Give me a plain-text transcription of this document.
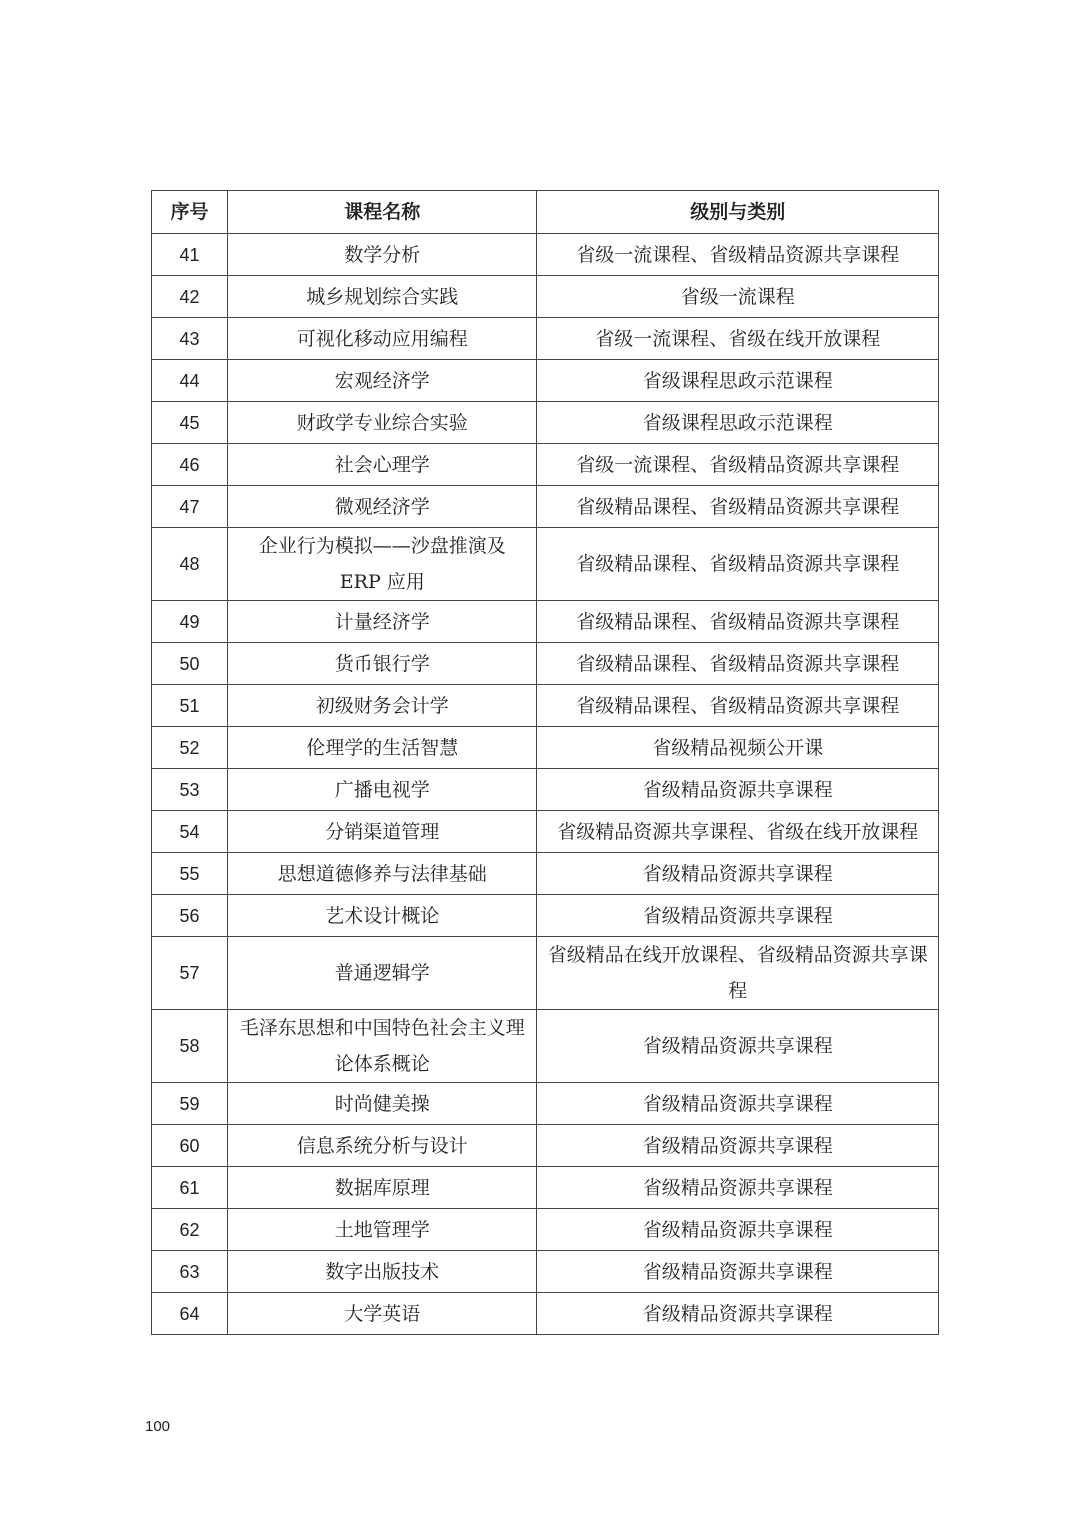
序号	课程名称	级别与类别
41	数学分析	省级一流课程、省级精品资源共享课程
42	城乡规划综合实践	省级一流课程
43	可视化移动应用编程	省级一流课程、省级在线开放课程
44	宏观经济学	省级课程思政示范课程
45	财政学专业综合实验	省级课程思政示范课程
46	社会心理学	省级一流课程、省级精品资源共享课程
47	微观经济学	省级精品课程、省级精品资源共享课程
48	企业行为模拟——沙盘推演及 ERP 应用	省级精品课程、省级精品资源共享课程
49	计量经济学	省级精品课程、省级精品资源共享课程
50	货币银行学	省级精品课程、省级精品资源共享课程
51	初级财务会计学	省级精品课程、省级精品资源共享课程
52	伦理学的生活智慧	省级精品视频公开课
53	广播电视学	省级精品资源共享课程
54	分销渠道管理	省级精品资源共享课程、省级在线开放课程
55	思想道德修养与法律基础	省级精品资源共享课程
56	艺术设计概论	省级精品资源共享课程
57	普通逻辑学	省级精品在线开放课程、省级精品资源共享课程
58	毛泽东思想和中国特色社会主义理论体系概论	省级精品资源共享课程
59	时尚健美操	省级精品资源共享课程
60	信息系统分析与设计	省级精品资源共享课程
61	数据库原理	省级精品资源共享课程
62	土地管理学	省级精品资源共享课程
63	数字出版技术	省级精品资源共享课程
64	大学英语	省级精品资源共享课程
100
